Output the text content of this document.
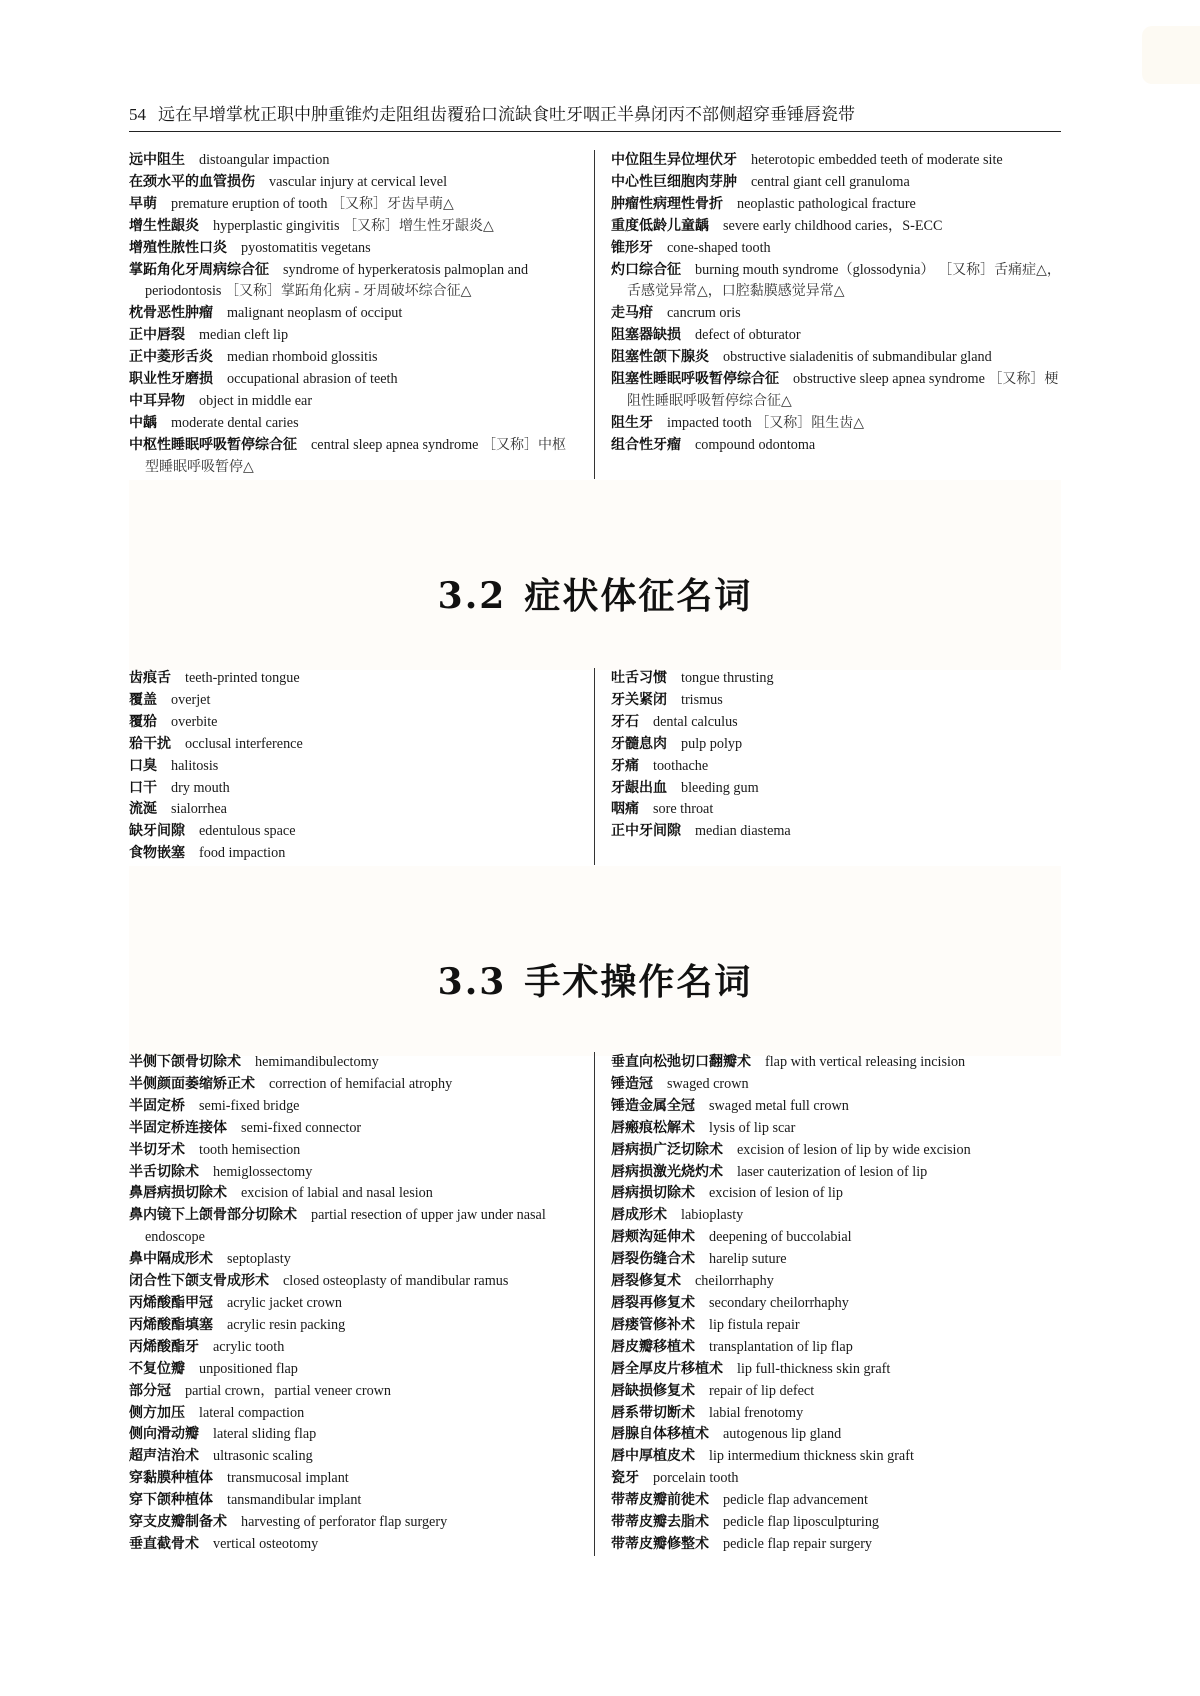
54 远在早增掌枕正职中肿重锥灼走阻组齿覆𬌗口流缺食吐牙咽正半鼻闭丙不部侧超穿垂锤唇瓷带

远中阻生 distoangular impaction

在颈水平的血管损伤 vascular injury at cervical level

早萌 premature eruption of tooth ［又称］牙齿早萌△

增生性龈炎 hyperplastic gingivitis ［又称］增生性牙龈炎△

增殖性脓性口炎 pyostomatitis vegetans

掌跖角化牙周病综合征 syndrome of hyperkeratosis palmoplan and periodontosis ［又称］掌跖角化病 - 牙周破坏综合征△

枕骨恶性肿瘤 malignant neoplasm of occiput

正中唇裂 median cleft lip

正中菱形舌炎 median rhomboid glossitis

职业性牙磨损 occupational abrasion of teeth

中耳异物 object in middle ear

中龋 moderate dental caries

中枢性睡眠呼吸暂停综合征 central sleep apnea syndrome ［又称］中枢型睡眠呼吸暂停△

中位阻生异位埋伏牙 heterotopic embedded teeth of moderate site

中心性巨细胞肉芽肿 central giant cell granuloma

肿瘤性病理性骨折 neoplastic pathological fracture

重度低龄儿童龋 severe early childhood caries，S-ECC

锥形牙 cone-shaped tooth

灼口综合征 burning mouth syndrome（glossodynia） ［又称］舌痛症△，舌感觉异常△，口腔黏膜感觉异常△

走马疳 cancrum oris

阻塞器缺损 defect of obturator

阻塞性颌下腺炎 obstructive sialadenitis of submandibular gland

阻塞性睡眠呼吸暂停综合征 obstructive sleep apnea syndrome ［又称］梗阻性睡眠呼吸暂停综合征△

阻生牙 impacted tooth ［又称］阻生齿△

组合性牙瘤 compound odontoma

3.2 症状体征名词

齿痕舌 teeth-printed tongue

覆盖 overjet

覆𬌗 overbite

𬌗干扰 occlusal interference

口臭 halitosis

口干 dry mouth

流涎 sialorrhea

缺牙间隙 edentulous space

食物嵌塞 food impaction

吐舌习惯 tongue thrusting

牙关紧闭 trismus

牙石 dental calculus

牙髓息肉 pulp polyp

牙痛 toothache

牙龈出血 bleeding gum

咽痛 sore throat

正中牙间隙 median diastema

3.3 手术操作名词

半侧下颌骨切除术 hemimandibulectomy

半侧颜面萎缩矫正术 correction of hemifacial atrophy

半固定桥 semi-fixed bridge

半固定桥连接体 semi-fixed connector

半切牙术 tooth hemisection

半舌切除术 hemiglossectomy

鼻唇病损切除术 excision of labial and nasal lesion

鼻内镜下上颌骨部分切除术 partial resection of upper jaw under nasal endoscope

鼻中隔成形术 septoplasty

闭合性下颌支骨成形术 closed osteoplasty of mandibular ramus

丙烯酸酯甲冠 acrylic jacket crown

丙烯酸酯填塞 acrylic resin packing

丙烯酸酯牙 acrylic tooth

不复位瓣 unpositioned flap

部分冠 partial crown，partial veneer crown

侧方加压 lateral compaction

侧向滑动瓣 lateral sliding flap

超声洁治术 ultrasonic scaling

穿黏膜种植体 transmucosal implant

穿下颌种植体 tansmandibular implant

穿支皮瓣制备术 harvesting of perforator flap surgery

垂直截骨术 vertical osteotomy

垂直向松弛切口翻瓣术 flap with vertical releasing incision

锤造冠 swaged crown

锤造金属全冠 swaged metal full crown

唇瘢痕松解术 lysis of lip scar

唇病损广泛切除术 excision of lesion of lip by wide excision

唇病损激光烧灼术 laser cauterization of lesion of lip

唇病损切除术 excision of lesion of lip

唇成形术 labioplasty

唇颊沟延伸术 deepening of buccolabial

唇裂伤缝合术 harelip suture

唇裂修复术 cheilorrhaphy

唇裂再修复术 secondary cheilorrhaphy

唇瘘管修补术 lip fistula repair

唇皮瓣移植术 transplantation of lip flap

唇全厚皮片移植术 lip full-thickness skin graft

唇缺损修复术 repair of lip defect

唇系带切断术 labial frenotomy

唇腺自体移植术 autogenous lip gland

唇中厚植皮术 lip intermedium thickness skin graft

瓷牙 porcelain tooth

带蒂皮瓣前徙术 pedicle flap advancement

带蒂皮瓣去脂术 pedicle flap liposculpturing

带蒂皮瓣修整术 pedicle flap repair surgery
